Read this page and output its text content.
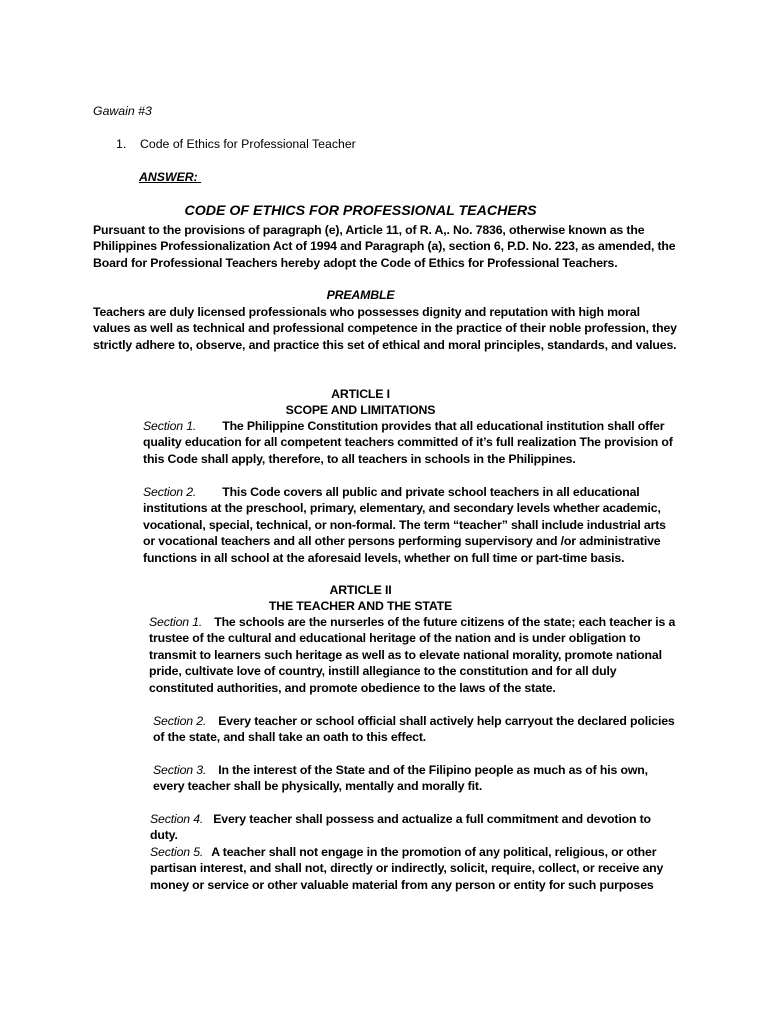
Gawain #3
1. Code of Ethics for Professional Teacher
ANSWER:
CODE OF ETHICS FOR PROFESSIONAL TEACHERS
Pursuant to the provisions of paragraph (e), Article 11, of R. A,. No. 7836, otherwise known as the Philippines Professionalization Act of 1994 and Paragraph (a), section 6, P.D. No. 223, as amended, the Board for Professional Teachers hereby adopt the Code of Ethics for Professional Teachers.
PREAMBLE
Teachers are duly licensed professionals who possesses dignity and reputation with high moral values as well as technical and professional competence in the practice of their noble profession, they strictly adhere to, observe, and practice this set of ethical and moral principles, standards, and values.
ARTICLE I
SCOPE AND LIMITATIONS
Section 1. The Philippine Constitution provides that all educational institution shall offer quality education for all competent teachers committed of it’s full realization The provision of this Code shall apply, therefore, to all teachers in schools in the Philippines.
Section 2. This Code covers all public and private school teachers in all educational institutions at the preschool, primary, elementary, and secondary levels whether academic, vocational, special, technical, or non-formal. The term “teacher” shall include industrial arts or vocational teachers and all other persons performing supervisory and /or administrative functions in all school at the aforesaid levels, whether on full time or part-time basis.
ARTICLE II
THE TEACHER AND THE STATE
Section 1. The schools are the nurserles of the future citizens of the state; each teacher is a trustee of the cultural and educational heritage of the nation and is under obligation to transmit to learners such heritage as well as to elevate national morality, promote national pride, cultivate love of country, instill allegiance to the constitution and for all duly constituted authorities, and promote obedience to the laws of the state.
Section 2. Every teacher or school official shall actively help carryout the declared policies of the state, and shall take an oath to this effect.
Section 3. In the interest of the State and of the Filipino people as much as of his own, every teacher shall be physically, mentally and morally fit.
Section 4. Every teacher shall possess and actualize a full commitment and devotion to duty.
Section 5. A teacher shall not engage in the promotion of any political, religious, or other partisan interest, and shall not, directly or indirectly, solicit, require, collect, or receive any money or service or other valuable material from any person or entity for such purposes
